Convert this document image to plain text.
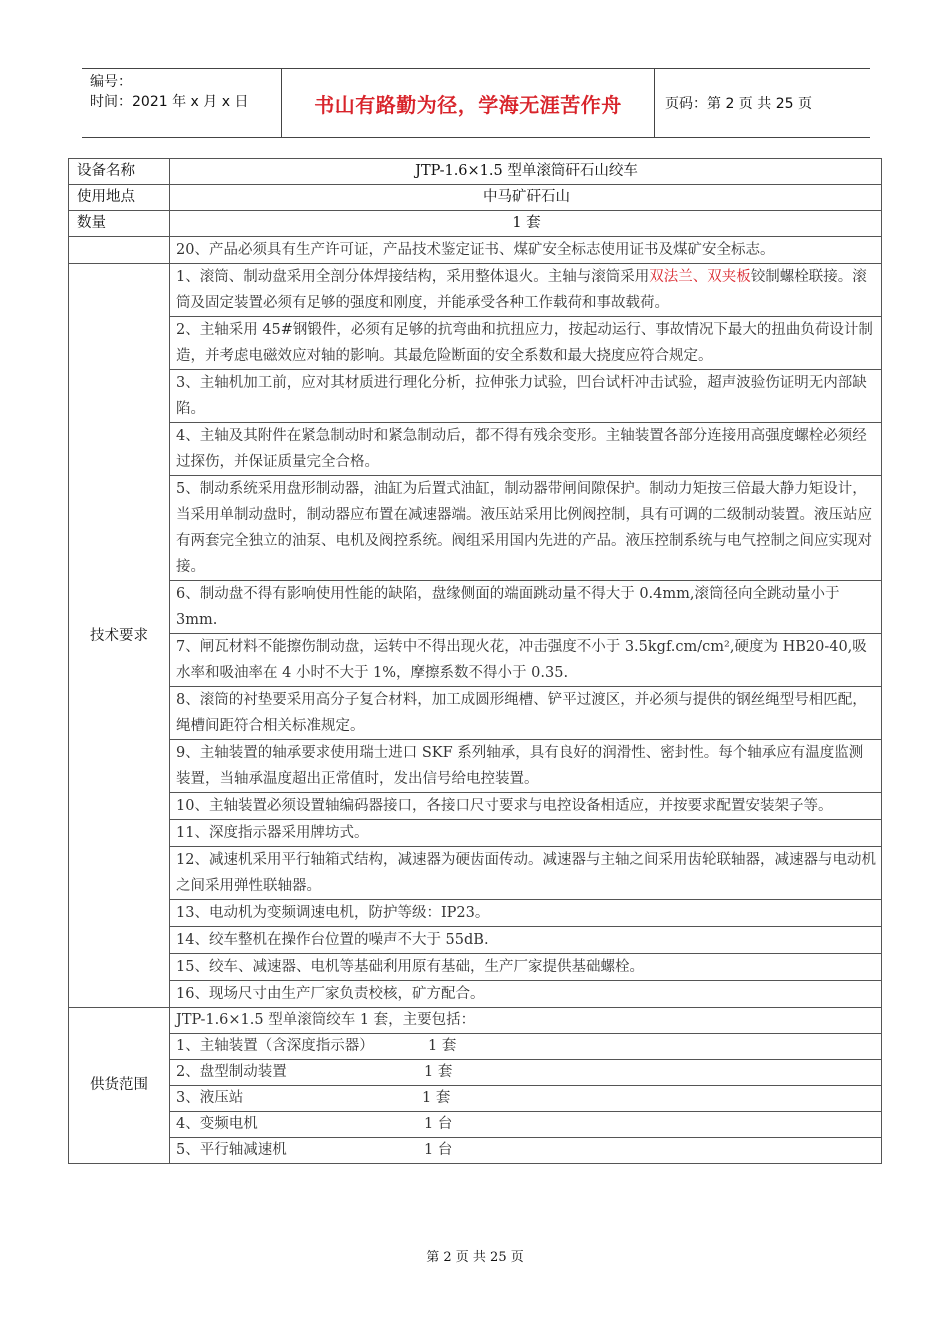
编号：
时间：2021 年 x 月 x 日	书山有路勤为径，学海无涯苦作舟	页码：第 2 页 共 25 页
设备名称	JTP-1.6×1.5 型单滚筒矸石山绞车
使用地点	中马矿矸石山
数量	1 套
	20、产品必须具有生产许可证，产品技术鉴定证书、煤矿安全标志使用证书及煤矿安全标志。
技术要求	1、滚筒、制动盘采用全剖分体焊接结构，采用整体退火。主轴与滚筒采用双法兰、双夹板铰制螺栓联接。滚筒及固定装置必须有足够的强度和刚度，并能承受各种工作载荷和事故载荷。
	2、主轴采用 45#钢锻件，必须有足够的抗弯曲和抗扭应力，按起动运行、事故情况下最大的扭曲负荷设计制造，并考虑电磁效应对轴的影响。其最危险断面的安全系数和最大挠度应符合规定。
	3、主轴机加工前，应对其材质进行理化分析，拉伸张力试验，凹台试杆冲击试验，超声波验伤证明无内部缺陷。
	4、主轴及其附件在紧急制动时和紧急制动后，都不得有残余变形。主轴装置各部分连接用高强度螺栓必须经过探伤，并保证质量完全合格。
	5、制动系统采用盘形制动器，油缸为后置式油缸，制动器带闸间隙保护。制动力矩按三倍最大静力矩设计，当采用单制动盘时，制动器应布置在减速器端。液压站采用比例阀控制，具有可调的二级制动装置。液压站应有两套完全独立的油泵、电机及阀控系统。阀组采用国内先进的产品。液压控制系统与电气控制之间应实现对接。
	6、制动盘不得有影响使用性能的缺陷，盘缘侧面的端面跳动量不得大于 0.4mm,滚筒径向全跳动量小于 3mm.
	7、闸瓦材料不能擦伤制动盘，运转中不得出现火花，冲击强度不小于 3.5kgf.cm/cm²,硬度为 HB20-40,吸水率和吸油率在 4 小时不大于 1%，摩擦系数不得小于 0.35.
	8、滚筒的衬垫要采用高分子复合材料，加工成圆形绳槽、铲平过渡区，并必须与提供的钢丝绳型号相匹配，绳槽间距符合相关标准规定。
	9、主轴装置的轴承要求使用瑞士进口 SKF 系列轴承，具有良好的润滑性、密封性。每个轴承应有温度监测装置，当轴承温度超出正常值时，发出信号给电控装置。
	10、主轴装置必须设置轴编码器接口，各接口尺寸要求与电控设备相适应，并按要求配置安装架子等。
	11、深度指示器采用牌坊式。
	12、减速机采用平行轴箱式结构，减速器为硬齿面传动。减速器与主轴之间采用齿轮联轴器，减速器与电动机之间采用弹性联轴器。
	13、电动机为变频调速电机，防护等级：IP23。
	14、绞车整机在操作台位置的噪声不大于 55dB.
	15、绞车、减速器、电机等基础利用原有基础，生产厂家提供基础螺栓。
	16、现场尺寸由生产厂家负责校核，矿方配合。
供货范围	JTP-1.6×1.5 型单滚筒绞车 1 套，主要包括：
	1、主轴装置（含深度指示器） 1 套
	2、盘型制动装置 1 套
	3、液压站 1 套
	4、变频电机 1 台
	5、平行轴减速机 1 台
第 2 页 共 25 页
